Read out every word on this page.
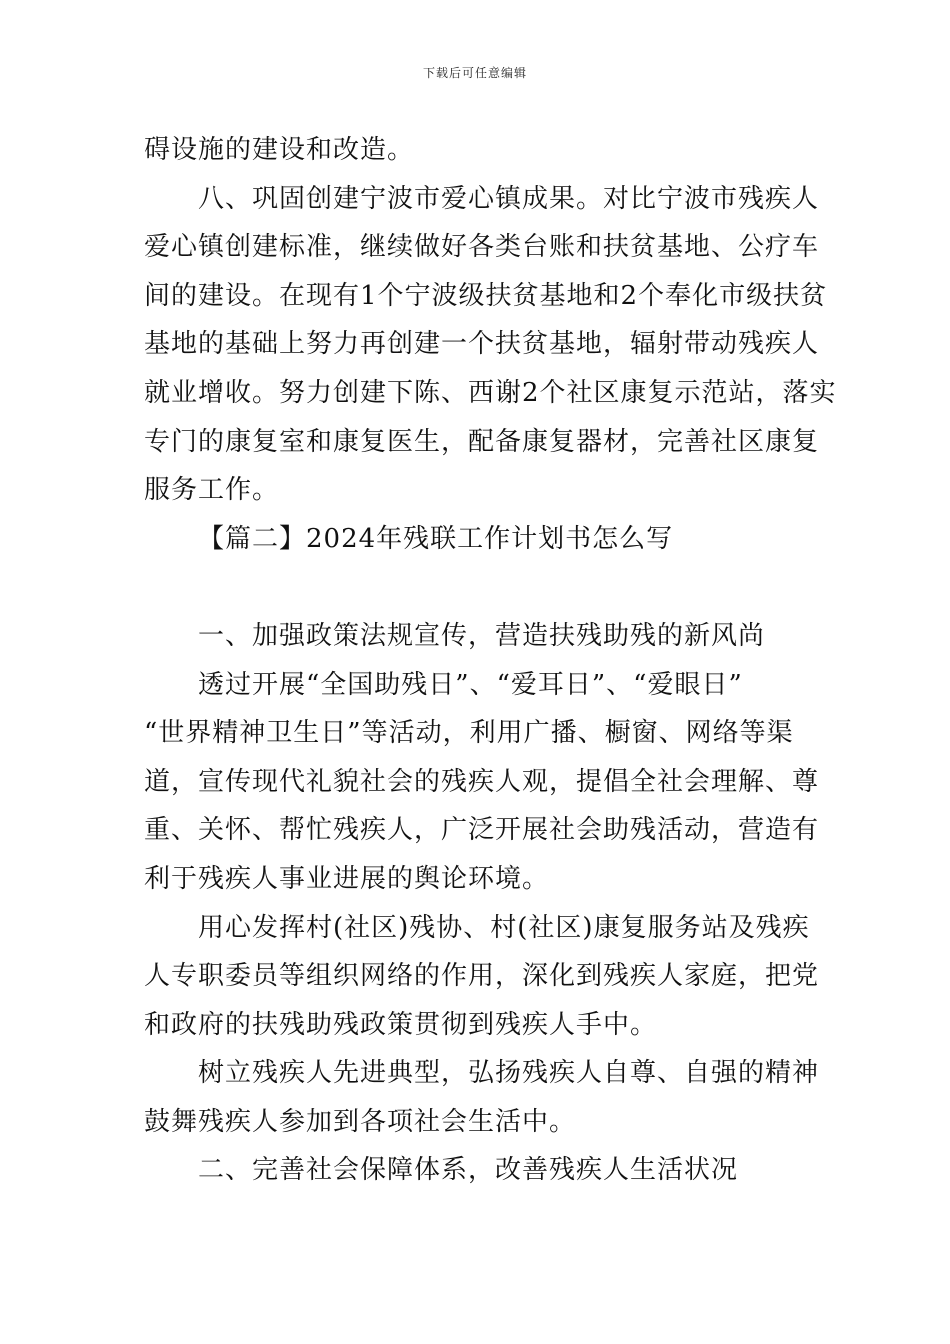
下载后可任意编辑
碍设施的建设和改造。
八、巩固创建宁波市爱心镇成果。对比宁波市残疾人
爱心镇创建标准，继续做好各类台账和扶贫基地、公疗车
间的建设。在现有1个宁波级扶贫基地和2个奉化市级扶贫
基地的基础上努力再创建一个扶贫基地，辐射带动残疾人
就业增收。努力创建下陈、西谢2个社区康复示范站，落实
专门的康复室和康复医生，配备康复器材，完善社区康复
服务工作。
【篇二】2024年残联工作计划书怎么写
一、加强政策法规宣传，营造扶残助残的新风尚
透过开展“全国助残日”、“爱耳日”、“爱眼日”
“世界精神卫生日”等活动，利用广播、橱窗、网络等渠
道，宣传现代礼貌社会的残疾人观，提倡全社会理解、尊
重、关怀、帮忙残疾人，广泛开展社会助残活动，营造有
利于残疾人事业进展的舆论环境。
用心发挥村(社区)残协、村(社区)康复服务站及残疾
人专职委员等组织网络的作用，深化到残疾人家庭，把党
和政府的扶残助残政策贯彻到残疾人手中。
树立残疾人先进典型，弘扬残疾人自尊、自强的精神
鼓舞残疾人参加到各项社会生活中。
二、完善社会保障体系，改善残疾人生活状况
